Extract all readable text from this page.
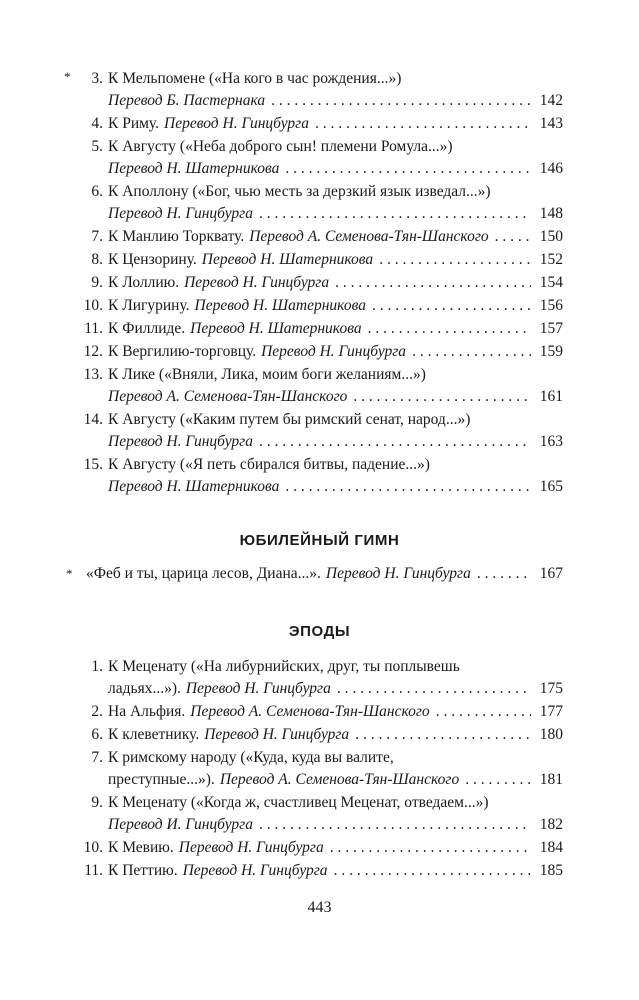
*	3. К Мельпомене («На кого в час рождения...»)
Перевод Б. Пастернака . . .	142
4. К Риму. Перевод Н. Гинцбурга . . .	143
5. К Августу («Неба доброго сын! племени Ромула...»)
Перевод Н. Шатерникова . . .	146
6. К Аполлону («Бог, чью месть за дерзкий язык изведал...»)
Перевод Н. Гинцбурга . . .	148
7. К Манлию Торквату. Перевод А. Семенова-Тян-Шанского . . .	150
8. К Цензорину. Перевод Н. Шатерникова . . .	152
9. К Лоллию. Перевод Н. Гинцбурга . . .	154
10. К Лигурину. Перевод Н. Шатерникова . . .	156
11. К Филлиде. Перевод Н. Шатерникова . . .	157
12. К Вергилию-торговцу. Перевод Н. Гинцбурга . . .	159
13. К Лике («Вняли, Лика, моим боги желаниям...»)
Перевод А. Семенова-Тян-Шанского . . .	161
14. К Августу («Каким путем бы римский сенат, народ...»)
Перевод Н. Гинцбурга . . .	163
15. К Августу («Я петь сбирался битвы, падение...»)
Перевод Н. Шатерникова . . .	165
ЮБИЛЕЙНЫЙ ГИМН
* «Феб и ты, царица лесов, Диана...». Перевод Н. Гинцбурга . . .	167
ЭПОДЫ
1. К Меценату («На либурнийских, друг, ты поплывешь
ладьях...»). Перевод Н. Гинцбурга . . .	175
2. На Альфия. Перевод А. Семенова-Тян-Шанского . . .	177
6. К клеветнику. Перевод Н. Гинцбурга . . .	180
7. К римскому народу («Куда, куда вы валите,
преступные...»). Перевод А. Семенова-Тян-Шанского . . .	181
9. К Меценату («Когда ж, счастливец Меценат, отведаем...»)
Перевод И. Гинцбурга . . .	182
10. К Мевию. Перевод Н. Гинцбурга . . .	184
11. К Петтию. Перевод Н. Гинцбурга . . .	185
443
